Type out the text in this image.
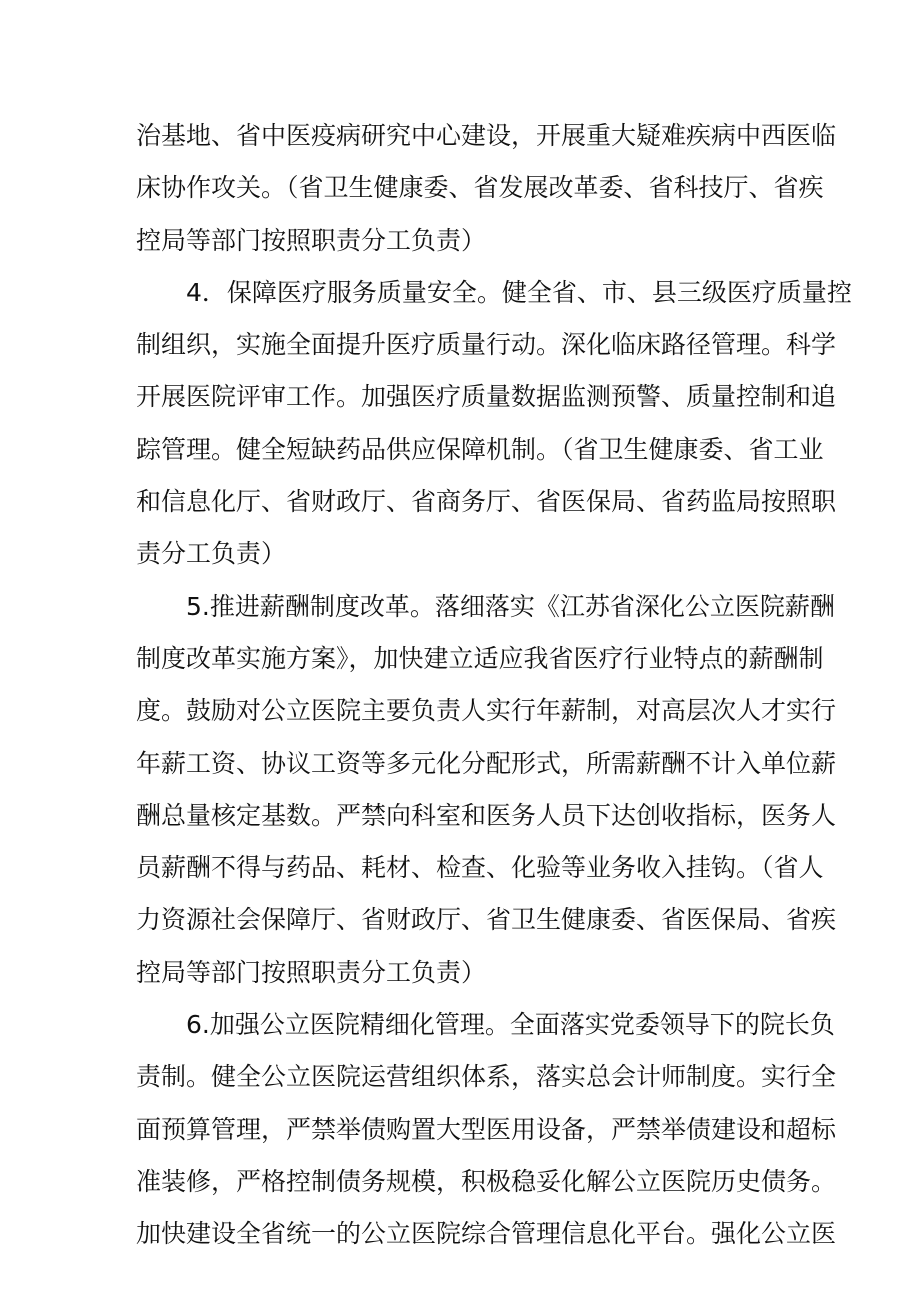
治基地、省中医疫病研究中心建设，开展重大疑难疾病中西医临
床协作攻关。（省卫生健康委、省发展改革委、省科技厅、省疾
控局等部门按照职责分工负责）
4．保障医疗服务质量安全。健全省、市、县三级医疗质量控
制组织，实施全面提升医疗质量行动。深化临床路径管理。科学
开展医院评审工作。加强医疗质量数据监测预警、质量控制和追
踪管理。健全短缺药品供应保障机制。（省卫生健康委、省工业
和信息化厅、省财政厅、省商务厅、省医保局、省药监局按照职
责分工负责）
5.推进薪酬制度改革。落细落实《江苏省深化公立医院薪酬
制度改革实施方案》，加快建立适应我省医疗行业特点的薪酬制
度。鼓励对公立医院主要负责人实行年薪制，对高层次人才实行
年薪工资、协议工资等多元化分配形式，所需薪酬不计入单位薪
酬总量核定基数。严禁向科室和医务人员下达创收指标，医务人
员薪酬不得与药品、耗材、检查、化验等业务收入挂钩。（省人
力资源社会保障厅、省财政厅、省卫生健康委、省医保局、省疾
控局等部门按照职责分工负责）
6.加强公立医院精细化管理。全面落实党委领导下的院长负
责制。健全公立医院运营组织体系，落实总会计师制度。实行全
面预算管理，严禁举债购置大型医用设备，严禁举债建设和超标
准装修，严格控制债务规模，积极稳妥化解公立医院历史债务。
加快建设全省统一的公立医院综合管理信息化平台。强化公立医
